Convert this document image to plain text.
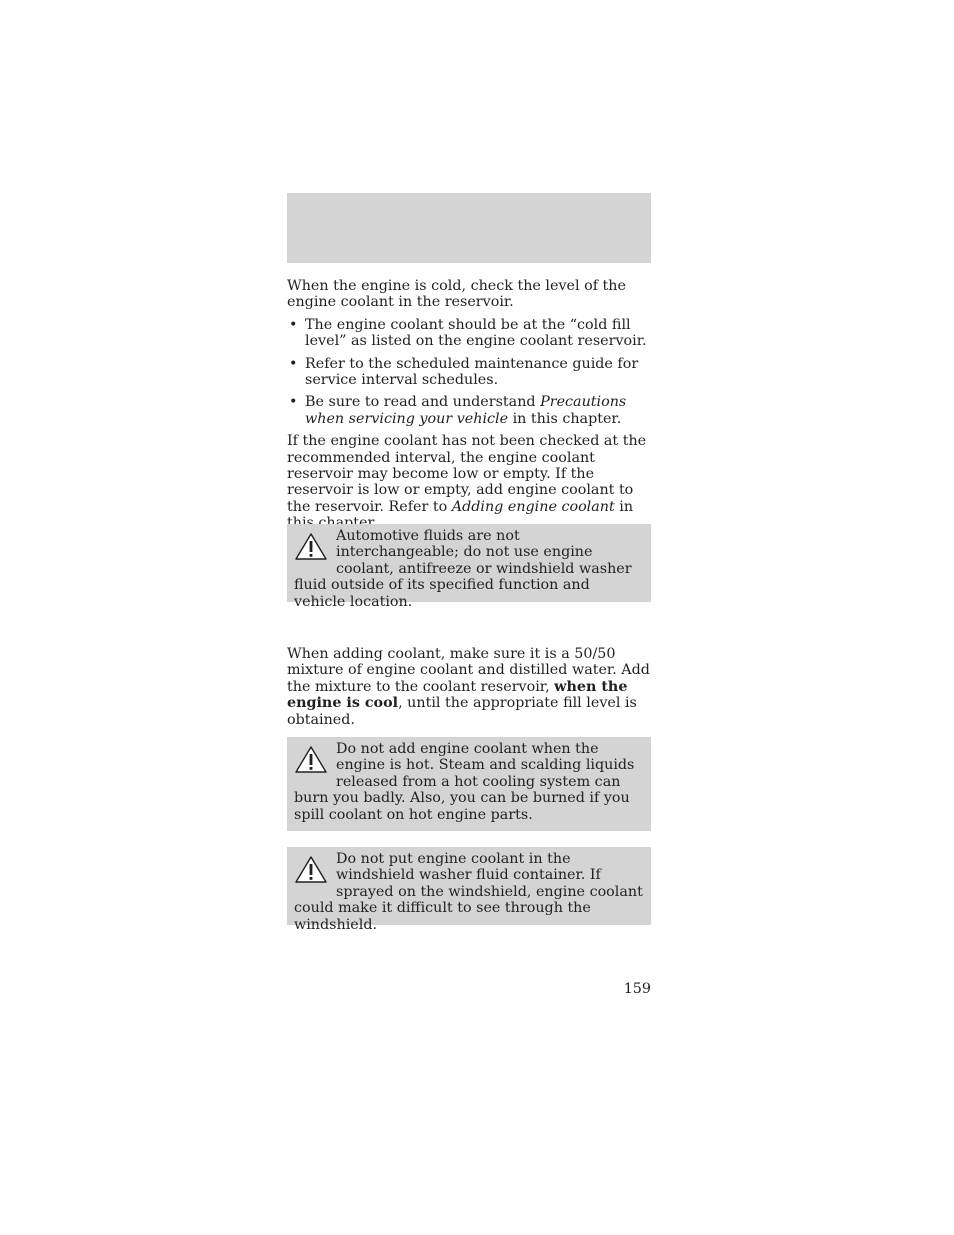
When the engine is cold, check the level of the engine coolant in the reservoir.

• The engine coolant should be at the “cold fill level” as listed on the engine coolant reservoir.
• Refer to the scheduled maintenance guide for service interval schedules.
• Be sure to read and understand Precautions when servicing your vehicle in this chapter.

If the engine coolant has not been checked at the recommended interval, the engine coolant reservoir may become low or empty. If the reservoir is low or empty, add engine coolant to the reservoir. Refer to Adding engine coolant in

Automotive fluids are not interchangeable; do not use engine coolant, antifreeze or windshield washer fluid outside of its specified function and vehicle location.

When adding coolant, make sure it is a 50/50 mixture of engine coolant and distilled water. Add the mixture to the coolant reservoir, when the engine is cool, until the appropriate fill level is obtained.

Do not add engine coolant when the engine is hot. Steam and scalding liquids released from a hot cooling system can burn you badly. Also, you can be burned if you spill coolant on hot engine parts.
Do not put engine coolant in the windshield washer fluid container. If sprayed on the windshield, engine coolant could make it difficult to see through the windshield.
159
